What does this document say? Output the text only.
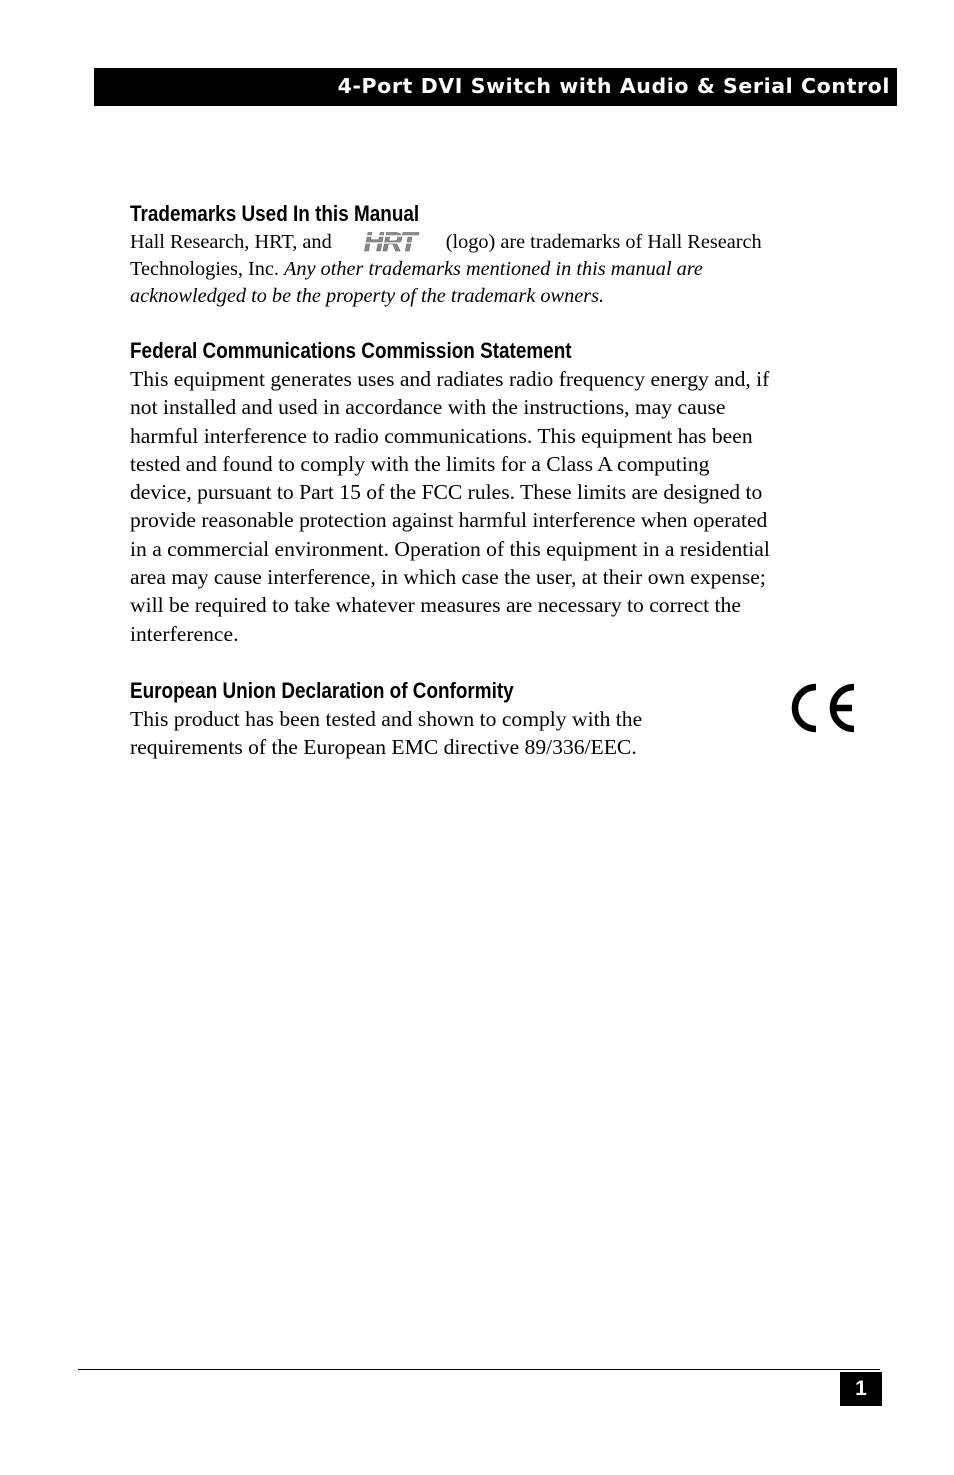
4-Port DVI Switch with Audio & Serial Control
Trademarks Used In this Manual

Hall Research, HRT, and HRT (logo) are trademarks of Hall Research
Technologies, Inc. Any other trademarks mentioned in this manual are
acknowledged to be the property of the trademark owners.

Federal Communications Commission Statement

This equipment generates uses and radiates radio frequency energy and, if
not installed and used in accordance with the instructions, may cause
harmful interference to radio communications. This equipment has been
tested and found to comply with the limits for a Class A computing
device, pursuant to Part 15 of the FCC rules. These limits are designed to
provide reasonable protection against harmful interference when operated
in a commercial environment. Operation of this equipment in a residential
area may cause interference, in which case the user, at their own expense;
will be required to take whatever measures are necessary to correct the
interference.

European Union Declaration of Conformity

This product has been tested and shown to comply with the
requirements of the European EMC directive 89/336/EEC.

1
